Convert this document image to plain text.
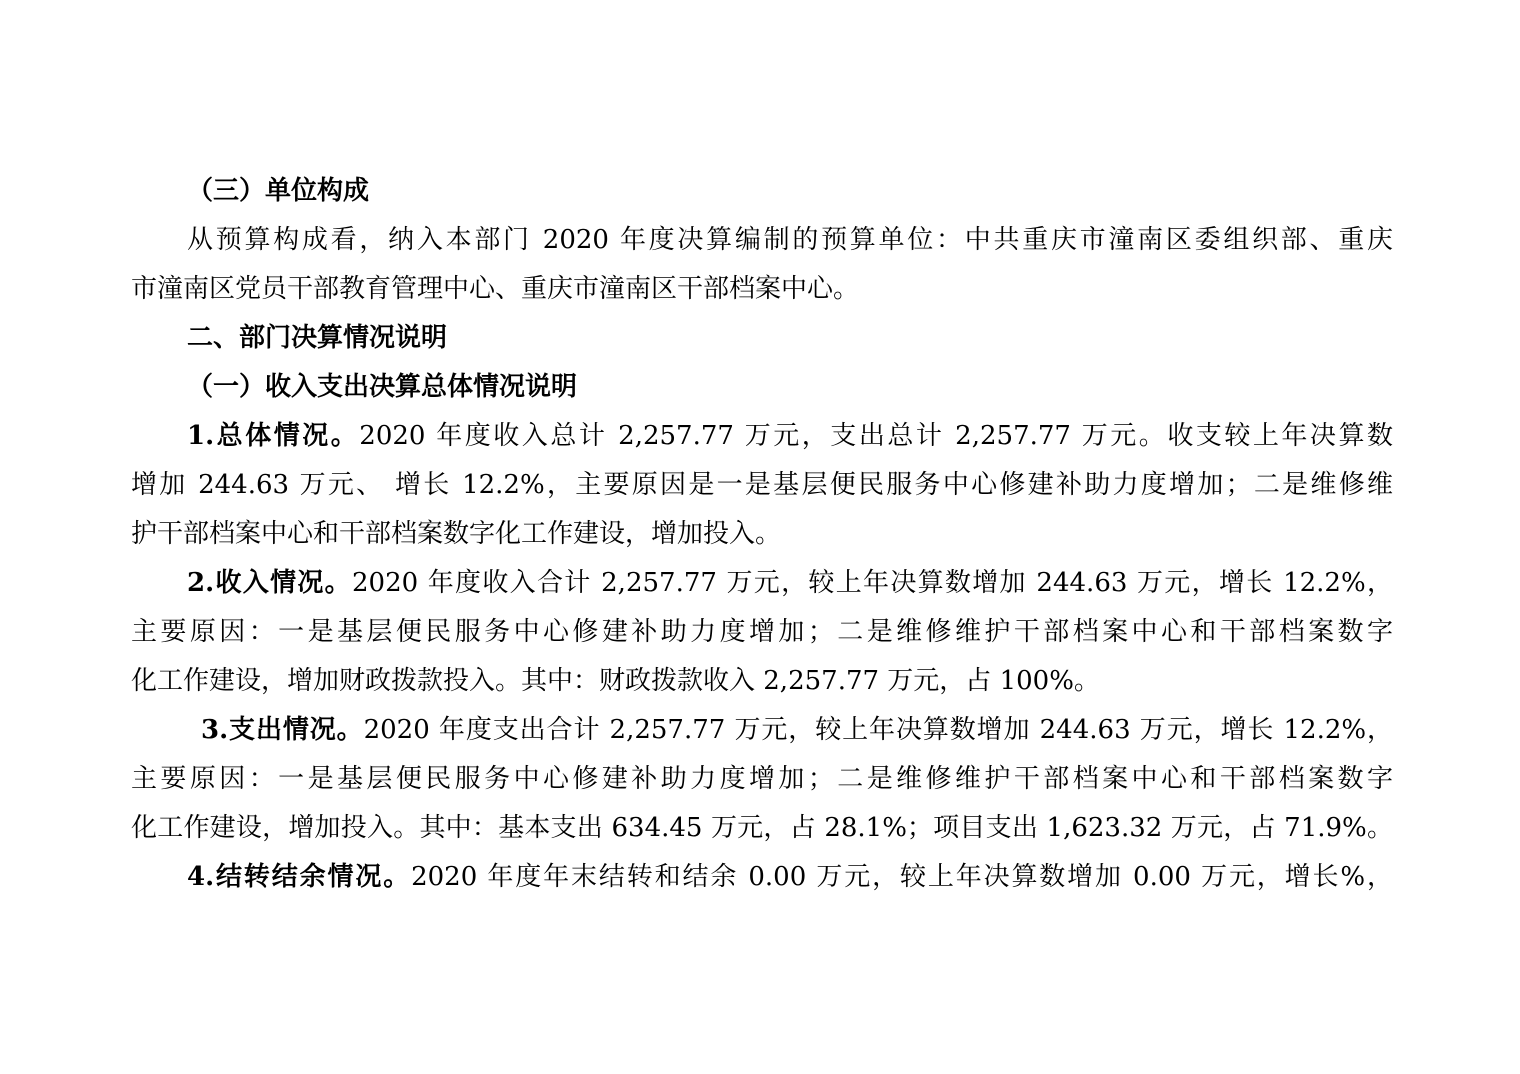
（三）单位构成
从预算构成看，纳入本部门 2020 年度决算编制的预算单位：中共重庆市潼南区委组织部、重庆
市潼南区党员干部教育管理中心、重庆市潼南区干部档案中心。
二、部门决算情况说明
（一）收入支出决算总体情况说明
1.总体情况。2020 年度收入总计 2,257.77 万元，支出总计 2,257.77 万元。收支较上年决算数
增加 244.63 万元、 增长 12.2%，主要原因是一是基层便民服务中心修建补助力度增加；二是维修维
护干部档案中心和干部档案数字化工作建设，增加投入。
2.收入情况。2020 年度收入合计 2,257.77 万元，较上年决算数增加 244.63 万元，增长 12.2%，
主要原因：一是基层便民服务中心修建补助力度增加；二是维修维护干部档案中心和干部档案数字
化工作建设，增加财政拨款投入。其中：财政拨款收入 2,257.77 万元，占 100%。
3.支出情况。2020 年度支出合计 2,257.77 万元，较上年决算数增加 244.63 万元，增长 12.2%，
主要原因：一是基层便民服务中心修建补助力度增加；二是维修维护干部档案中心和干部档案数字
化工作建设，增加投入。其中：基本支出 634.45 万元，占 28.1%；项目支出 1,623.32 万元，占 71.9%。
4.结转结余情况。2020 年度年末结转和结余 0.00 万元，较上年决算数增加 0.00 万元，增长%，
